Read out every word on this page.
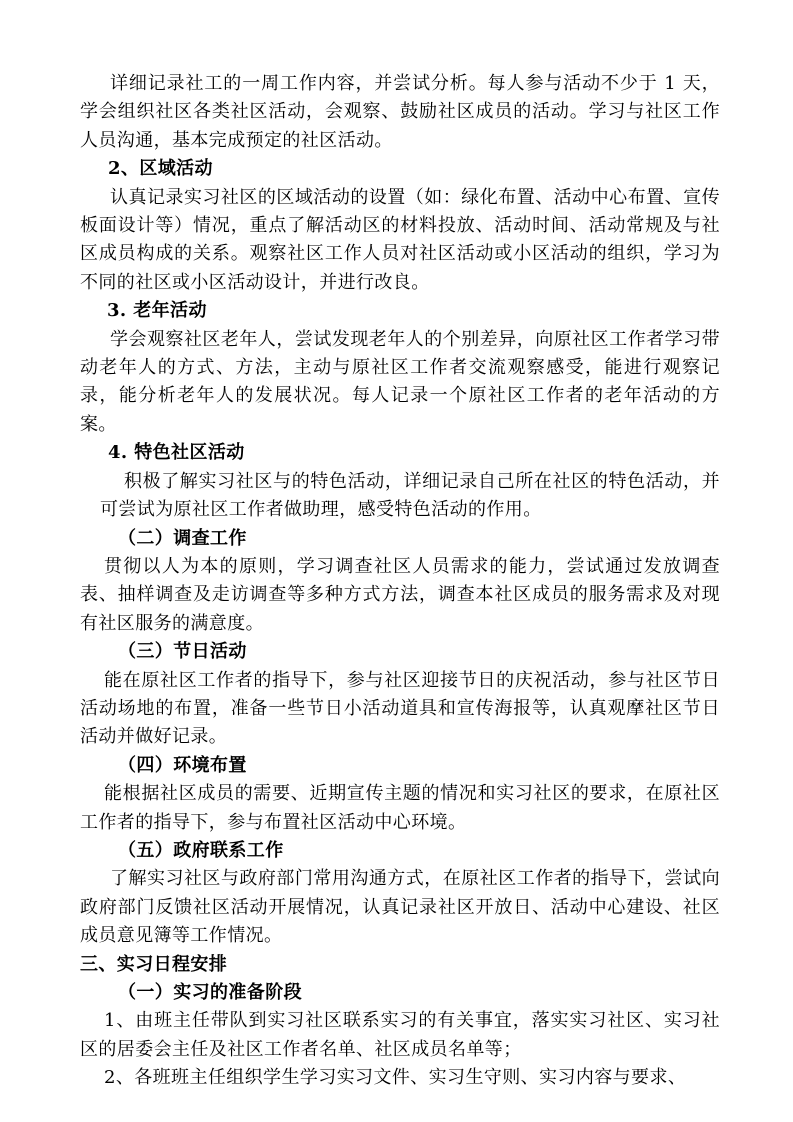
详细记录社工的一周工作内容，并尝试分析。每人参与活动不少于 1 天，学会组织社区各类社区活动，会观察、鼓励社区成员的活动。学习与社区工作人员沟通，基本完成预定的社区活动。

2、区域活动

认真记录实习社区的区域活动的设置（如：绿化布置、活动中心布置、宣传板面设计等）情况，重点了解活动区的材料投放、活动时间、活动常规及与社区成员构成的关系。观察社区工作人员对社区活动或小区活动的组织，学习为不同的社区或小区活动设计，并进行改良。

3. 老年活动

学会观察社区老年人，尝试发现老年人的个别差异，向原社区工作者学习带动老年人的方式、方法，主动与原社区工作者交流观察感受，能进行观察记录，能分析老年人的发展状况。每人记录一个原社区工作者的老年活动的方案。

4. 特色社区活动

积极了解实习社区与的特色活动，详细记录自己所在社区的特色活动，并可尝试为原社区工作者做助理，感受特色活动的作用。

（二）调查工作

贯彻以人为本的原则，学习调查社区人员需求的能力，尝试通过发放调查表、抽样调查及走访调查等多种方式方法，调查本社区成员的服务需求及对现有社区服务的满意度。

（三）节日活动

能在原社区工作者的指导下，参与社区迎接节日的庆祝活动，参与社区节日活动场地的布置，准备一些节日小活动道具和宣传海报等，认真观摩社区节日活动并做好记录。

（四）环境布置

能根据社区成员的需要、近期宣传主题的情况和实习社区的要求，在原社区工作者的指导下，参与布置社区活动中心环境。

（五）政府联系工作

了解实习社区与政府部门常用沟通方式，在原社区工作者的指导下，尝试向政府部门反馈社区活动开展情况，认真记录社区开放日、活动中心建设、社区成员意见簿等工作情况。

三、实习日程安排

（一）实习的准备阶段

1、由班主任带队到实习社区联系实习的有关事宜，落实实习社区、实习社区的居委会主任及社区工作者名单、社区成员名单等；

2、各班班主任组织学生学习实习文件、实习生守则、实习内容与要求、
